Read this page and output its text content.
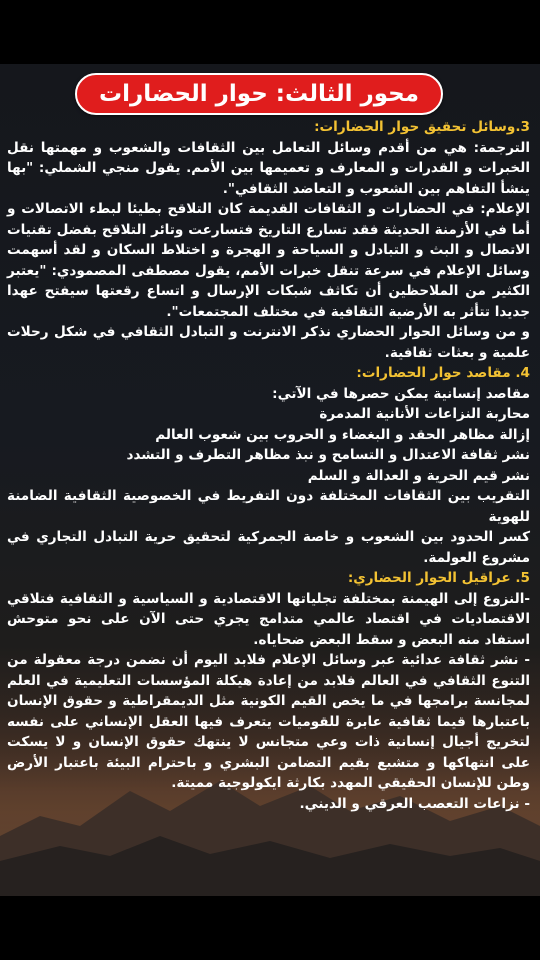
محور الثالث: حوار الحضارات

3.وسائل تحقيق حوار الحضارات:

الترجمة: هي من أقدم وسائل التعامل بين الثقافات والشعوب و مهمتها نقل الخبرات و القدرات و المعارف و تعميمها بين الأمم. يقول منجي الشملي: "بها ينشأ التفاهم بين الشعوب و التعاضد الثقافي".

الإعلام: في الحضارات و الثقافات القديمة كان التلاقح بطيئا لبطء الاتصالات و أما في الأزمنة الحديثة فقد تسارع التاريخ فتسارعت وتائر التلاقح بفضل تقنيات الاتصال و البث و التبادل و السياحة و الهجرة و اختلاط السكان و لقد أسهمت وسائل الإعلام في سرعة تنقل خبرات الأمم، يقول مصطفى المصمودي: "يعتبر الكثير من الملاحظين أن تكاثف شبكات الإرسال و اتساع رقعتها سيفتح عهدا جديدا تتأثر به الأرضية الثقافية في مختلف المجتمعات".

و من وسائل الحوار الحضاري نذكر الانترنت و التبادل الثقافي في شكل رحلات علمية و بعثات ثقافية.

4. مقاصد حوار الحضارات:

مقاصد إنسانية يمكن حصرها في الآتي:

محاربة النزاعات الأنانية المدمرة

إزالة مظاهر الحقد و البغضاء و الحروب بين شعوب العالم

نشر ثقافة الاعتدال و التسامح و نبذ مظاهر التطرف و التشدد

نشر قيم الحرية و العدالة و السلم

التقريب بين الثقافات المختلفة دون التفريط في الخصوصية الثقافية الضامنة للهوية

كسر الحدود بين الشعوب و خاصة الجمركية لتحقيق حرية التبادل التجاري في مشروع العولمة.

5. عراقيل الحوار الحضاري:

-النزوع إلى الهيمنة بمختلفة تجلياتها الاقتصادية و السياسية و الثقافية فتلاقي الاقتصاديات في اقتصاد عالمي متدامج يجري حتى الآن على نحو متوحش استفاد منه البعض و سقط البعض ضحاياه.

- نشر ثقافة عدائية عبر وسائل الإعلام فلابد اليوم أن نضمن درجة معقولة من التنوع الثقافي في العالم فلابد من إعادة هيكلة المؤسسات التعليمية في العلم لمجانسة برامجها في ما يخص القيم الكونية مثل الديمقراطية و حقوق الإنسان باعتبارها قيما ثقافية عابرة للقوميات يتعرف فيها العقل الإنساني على نفسه لتخريج أجيال إنسانية ذات وعي متجانس لا ينتهك حقوق الإنسان و لا يسكت على انتهاكها و متشبع بقيم التضامن البشري و باحترام البيئة باعتبار الأرض وطن للإنسان الحقيقي المهدد بكارثة ايكولوجية مميتة.

- نزاعات التعصب العرقي و الديني.
